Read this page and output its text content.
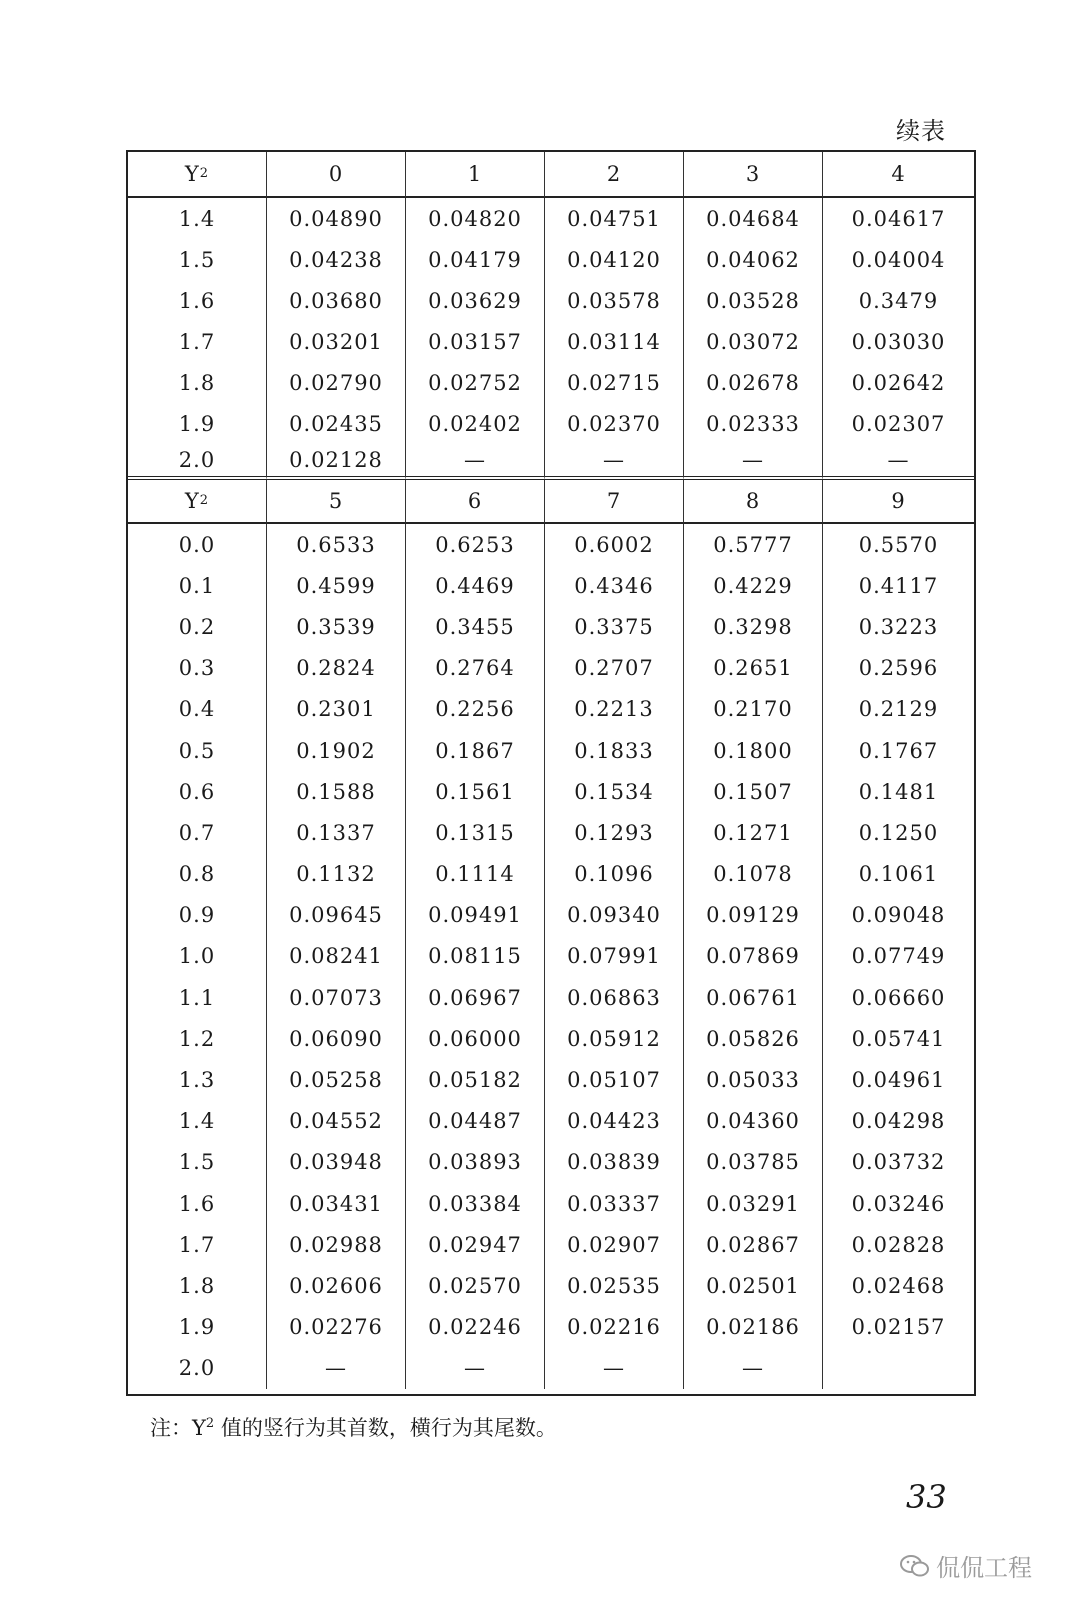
续表
Y 2	0	1	2	3	4
1.4	0.04890	0.04820	0.04751	0.04684	0.04617
1.5	0.04238	0.04179	0.04120	0.04062	0.04004
1.6	0.03680	0.03629	0.03578	0.03528	0.3479
1.7	0.03201	0.03157	0.03114	0.03072	0.03030
1.8	0.02790	0.02752	0.02715	0.02678	0.02642
1.9	0.02435	0.02402	0.02370	0.02333	0.02307
2.0	0.02128	—	—	—	—
Y 2	5	6	7	8	9
0.0	0.6533	0.6253	0.6002	0.5777	0.5570
0.1	0.4599	0.4469	0.4346	0.4229	0.4117
0.2	0.3539	0.3455	0.3375	0.3298	0.3223
0.3	0.2824	0.2764	0.2707	0.2651	0.2596
0.4	0.2301	0.2256	0.2213	0.2170	0.2129
0.5	0.1902	0.1867	0.1833	0.1800	0.1767
0.6	0.1588	0.1561	0.1534	0.1507	0.1481
0.7	0.1337	0.1315	0.1293	0.1271	0.1250
0.8	0.1132	0.1114	0.1096	0.1078	0.1061
0.9	0.09645	0.09491	0.09340	0.09129	0.09048
1.0	0.08241	0.08115	0.07991	0.07869	0.07749
1.1	0.07073	0.06967	0.06863	0.06761	0.06660
1.2	0.06090	0.06000	0.05912	0.05826	0.05741
1.3	0.05258	0.05182	0.05107	0.05033	0.04961
1.4	0.04552	0.04487	0.04423	0.04360	0.04298
1.5	0.03948	0.03893	0.03839	0.03785	0.03732
1.6	0.03431	0.03384	0.03337	0.03291	0.03246
1.7	0.02988	0.02947	0.02907	0.02867	0.02828
1.8	0.02606	0.02570	0.02535	0.02501	0.02468
1.9	0.02276	0.02246	0.02216	0.02186	0.02157
2.0	—	—	—	—
注：$Y^2$ 值的竖行为其首数，横行为其尾数。
33
侃侃工程
